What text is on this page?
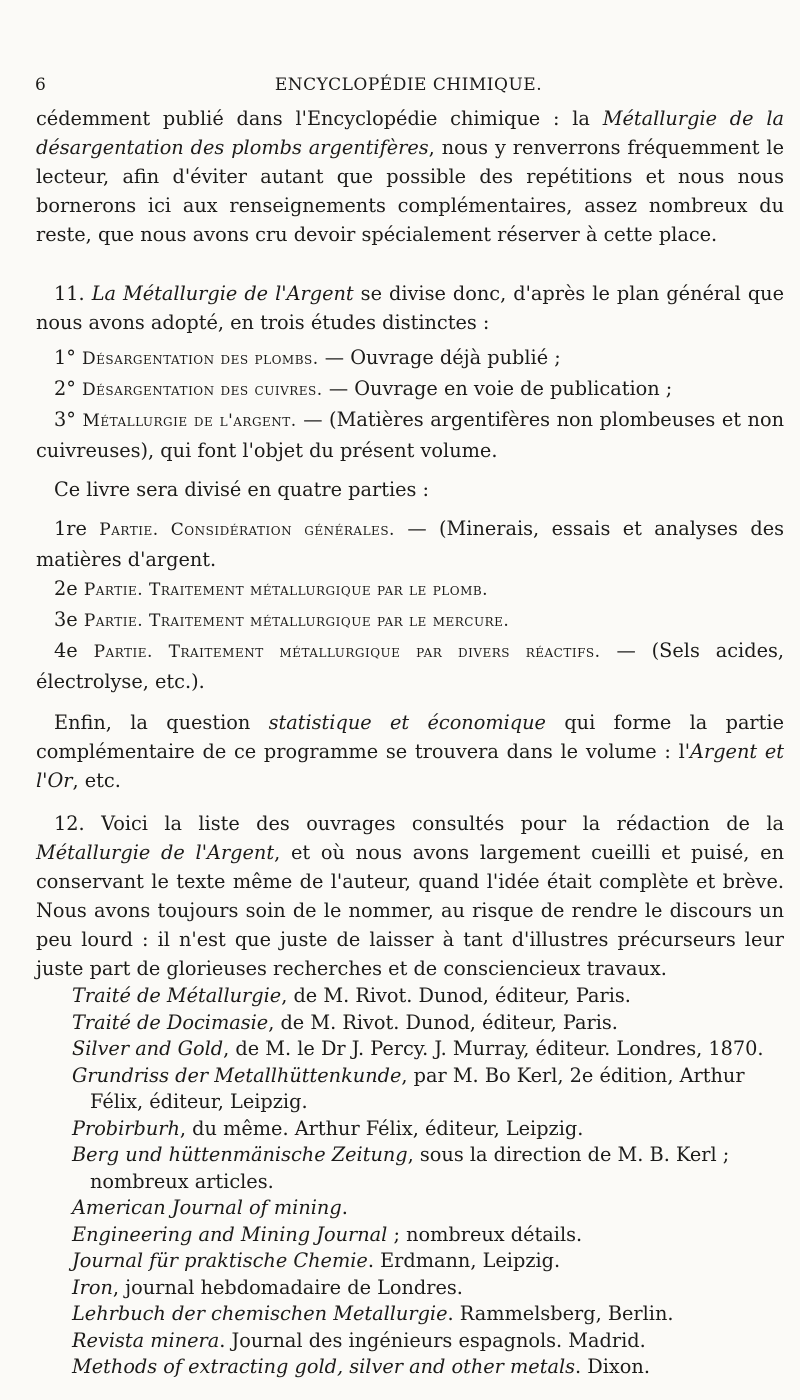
6	ENCYCLOPÉDIE CHIMIQUE.

cédemment publié dans l'Encyclopédie chimique : la Métallurgie de la désargentation des plombs argentifères, nous y renverrons fréquemment le lecteur, afin d'éviter autant que possible des repétitions et nous nous bornerons ici aux renseignements complémentaires, assez nombreux du reste, que nous avons cru devoir spécialement réserver à cette place.

11. La Métallurgie de l'Argent se divise donc, d'après le plan général que nous avons adopté, en trois études distinctes :

1° Désargentation des plombs. — Ouvrage déjà publié ;

2° Désargentation des cuivres. — Ouvrage en voie de publication ;

3° Métallurgie de l'argent. — (Matières argentifères non plombeuses et non cuivreuses), qui font l'objet du présent volume.

Ce livre sera divisé en quatre parties :

1re Partie. Considération générales. — (Minerais, essais et analyses des matières d'argent.

2e Partie. Traitement métallurgique par le plomb.

3e Partie. Traitement métallurgique par le mercure.

4e Partie. Traitement métallurgique par divers réactifs. — (Sels acides, électrolyse, etc.).

Enfin, la question statistique et économique qui forme la partie complémentaire de ce programme se trouvera dans le volume : l'Argent et l'Or, etc.

12. Voici la liste des ouvrages consultés pour la rédaction de la Métallurgie de l'Argent, et où nous avons largement cueilli et puisé, en conservant le texte même de l'auteur, quand l'idée était complète et brève. Nous avons toujours soin de le nommer, au risque de rendre le discours un peu lourd : il n'est que juste de laisser à tant d'illustres précurseurs leur juste part de glorieuses recherches et de consciencieux travaux.

Traité de Métallurgie, de M. Rivot. Dunod, éditeur, Paris.

Traité de Docimasie, de M. Rivot. Dunod, éditeur, Paris.

Silver and Gold, de M. le Dr J. Percy. J. Murray, éditeur. Londres, 1870.

Grundriss der Metallhüttenkunde, par M. Bo Kerl, 2e édition, Arthur Félix, éditeur, Leipzig.

Probirburh, du même. Arthur Félix, éditeur, Leipzig.

Berg und hüttenmänische Zeitung, sous la direction de M. B. Kerl ; nombreux articles.

American Journal of mining.

Engineering and Mining Journal ; nombreux détails.

Journal für praktische Chemie. Erdmann, Leipzig.

Iron, journal hebdomadaire de Londres.

Lehrbuch der chemischen Metallurgie. Rammelsberg, Berlin.

Revista minera. Journal des ingénieurs espagnols. Madrid.

Methods of extracting gold, silver and other metals. Dixon.
